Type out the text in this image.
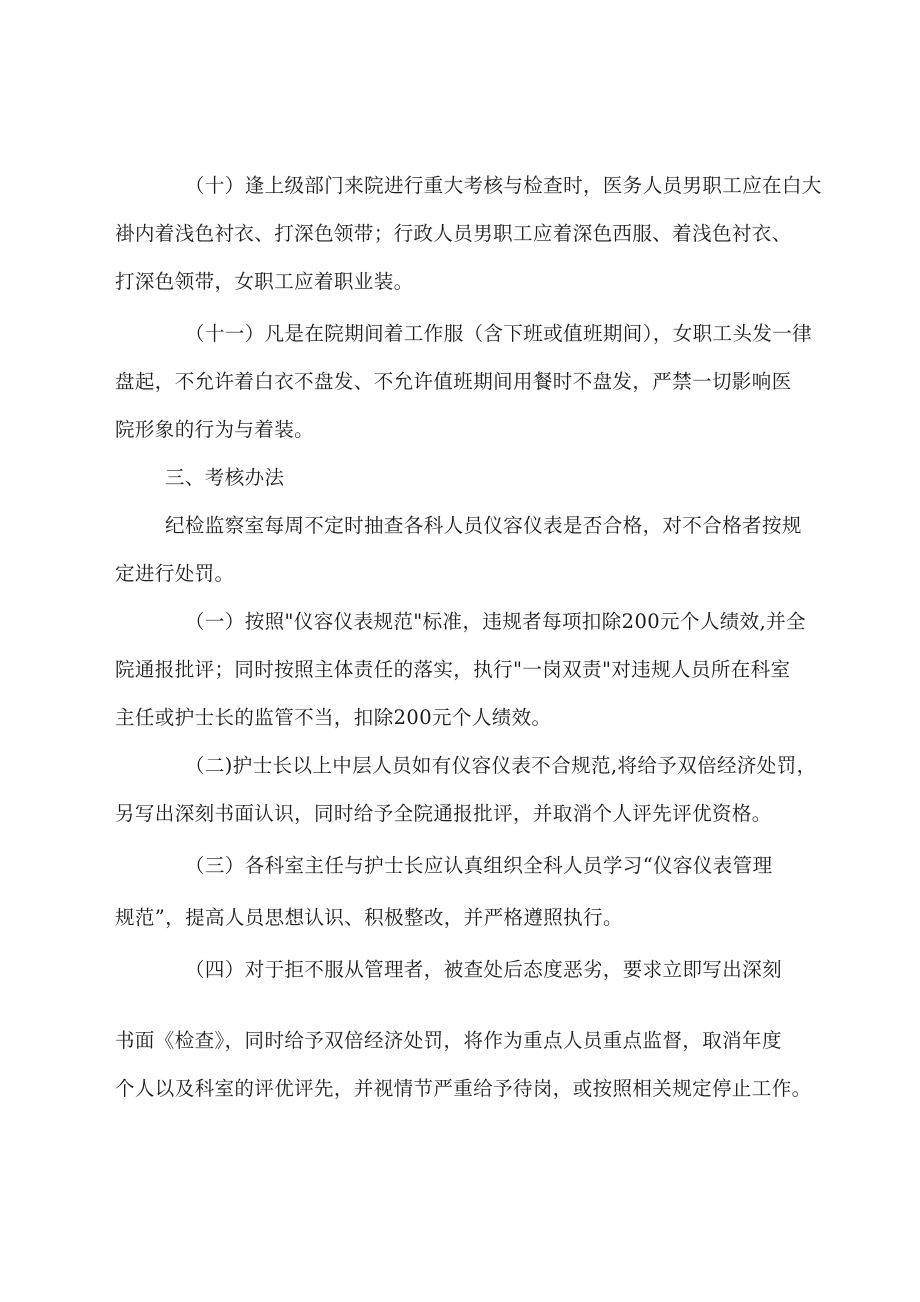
（十）逢上级部门来院进行重大考核与检查时，医务人员男职工应在白大
褂内着浅色衬衣、打深色领带；行政人员男职工应着深色西服、着浅色衬衣、
打深色领带，女职工应着职业装。
（十一）凡是在院期间着工作服（含下班或值班期间），女职工头发一律
盘起，不允许着白衣不盘发、不允许值班期间用餐时不盘发，严禁一切影响医
院形象的行为与着装。
三、考核办法
纪检监察室每周不定时抽查各科人员仪容仪表是否合格，对不合格者按规
定进行处罚。
（一）按照"仪容仪表规范"标准，违规者每项扣除200元个人绩效,并全
院通报批评；同时按照主体责任的落实，执行"一岗双责"对违规人员所在科室
主任或护士长的监管不当，扣除200元个人绩效。
（二)护士长以上中层人员如有仪容仪表不合规范,将给予双倍经济处罚，
另写出深刻书面认识，同时给予全院通报批评，并取消个人评先评优资格。
（三）各科室主任与护士长应认真组织全科人员学习“仪容仪表管理
规范”，提高人员思想认识、积极整改，并严格遵照执行。
（四）对于拒不服从管理者，被查处后态度恶劣，要求立即写出深刻
书面《检查》，同时给予双倍经济处罚，将作为重点人员重点监督，取消年度
个人以及科室的评优评先，并视情节严重给予待岗，或按照相关规定停止工作。
